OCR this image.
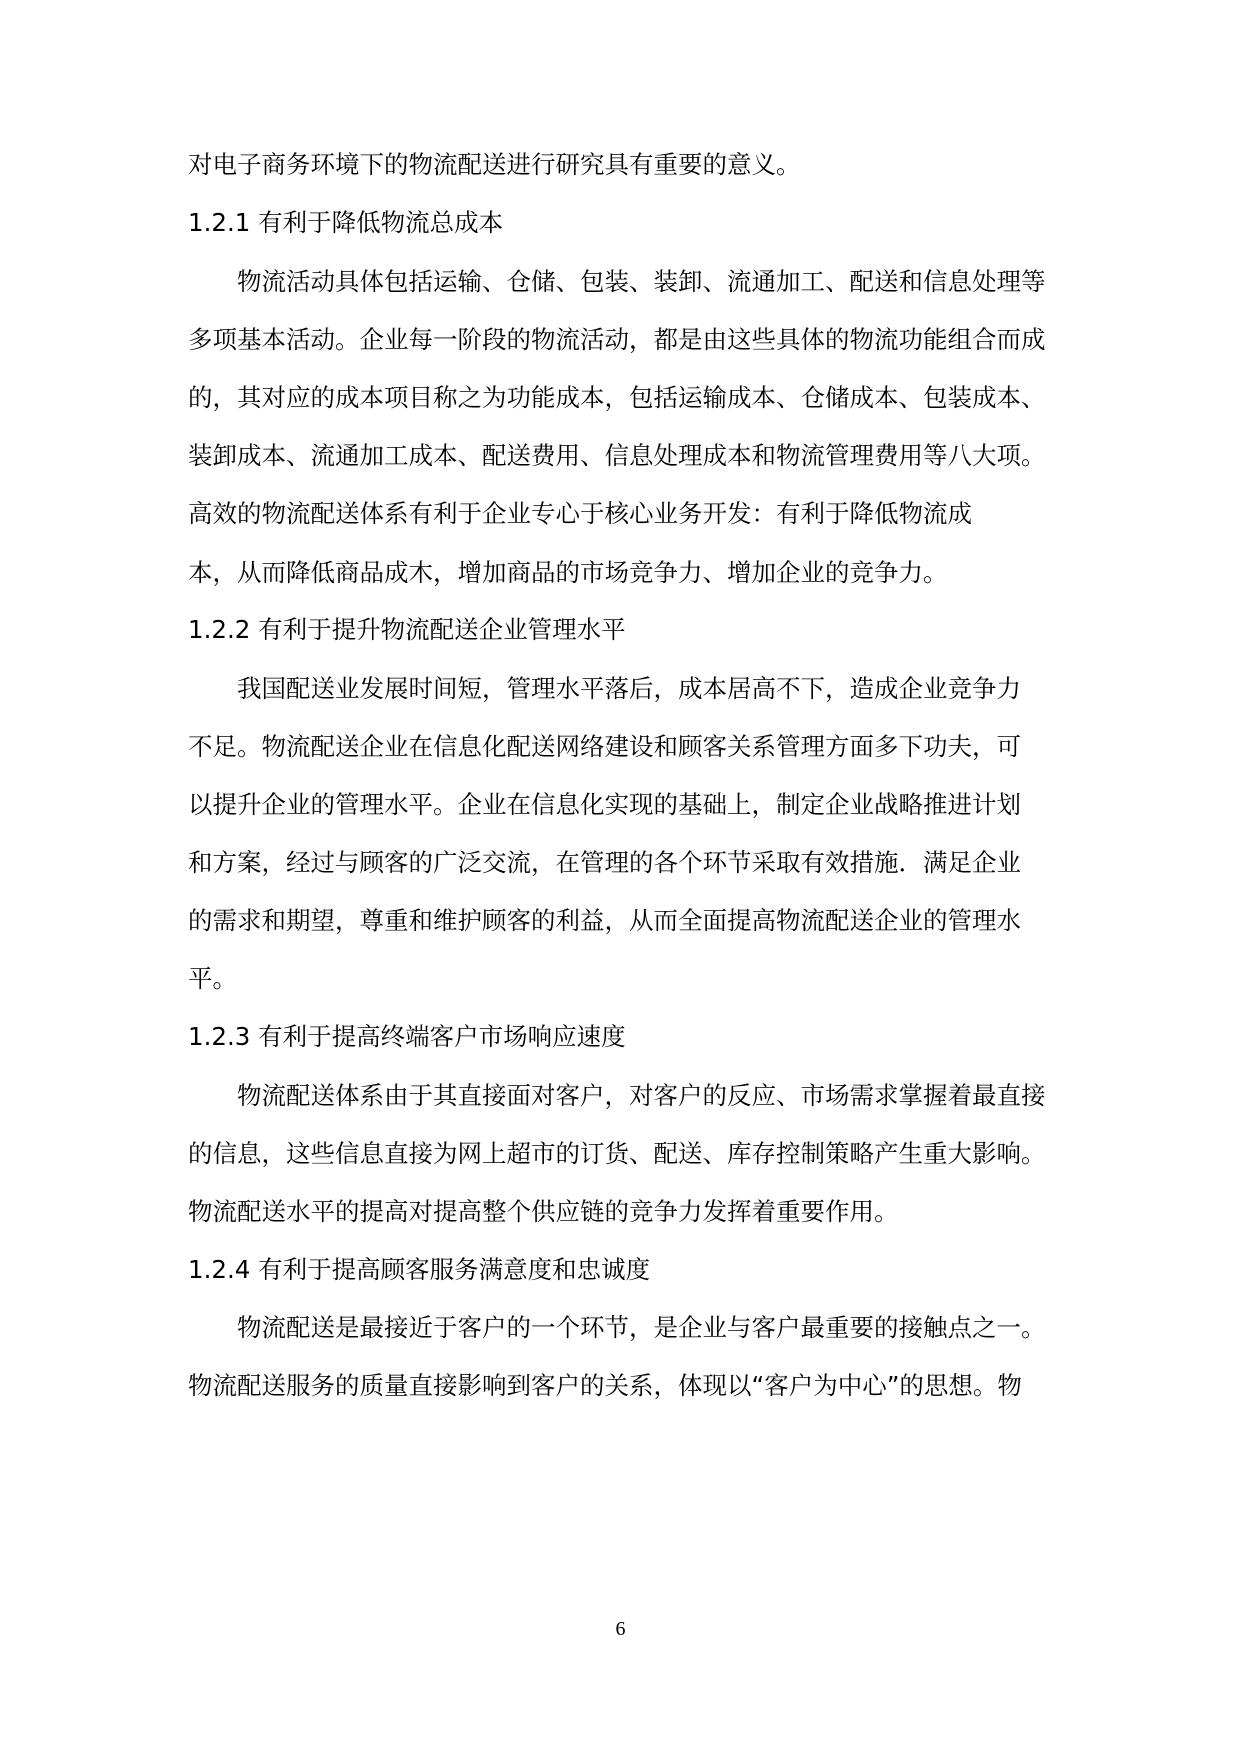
对电子商务环境下的物流配送进行研究具有重要的意义。
1.2.1 有利于降低物流总成本
物流活动具体包括运输、仓储、包装、装卸、流通加工、配送和信息处理等
多项基本活动。企业每一阶段的物流活动，都是由这些具体的物流功能组合而成
的，其对应的成本项目称之为功能成本，包括运输成本、仓储成本、包装成本、
装卸成本、流通加工成本、配送费用、信息处理成本和物流管理费用等八大项。
高效的物流配送体系有利于企业专心于核心业务开发：有利于降低物流成
本，从而降低商品成木，增加商品的市场竞争力、增加企业的竞争力。
1.2.2 有利于提升物流配送企业管理水平
我国配送业发展时间短，管理水平落后，成本居高不下，造成企业竞争力
不足。物流配送企业在信息化配送网络建设和顾客关系管理方面多下功夫，可
以提升企业的管理水平。企业在信息化实现的基础上，制定企业战略推进计划
和方案，经过与顾客的广泛交流，在管理的各个环节采取有效措施．满足企业
的需求和期望，尊重和维护顾客的利益，从而全面提高物流配送企业的管理水
平。
1.2.3 有利于提高终端客户市场响应速度
物流配送体系由于其直接面对客户，对客户的反应、市场需求掌握着最直接
的信息，这些信息直接为网上超市的订货、配送、库存控制策略产生重大影响。
物流配送水平的提高对提高整个供应链的竞争力发挥着重要作用。
1.2.4 有利于提高顾客服务满意度和忠诚度
物流配送是最接近于客户的一个环节，是企业与客户最重要的接触点之一。
物流配送服务的质量直接影响到客户的关系，体现以“客户为中心”的思想。物
6
